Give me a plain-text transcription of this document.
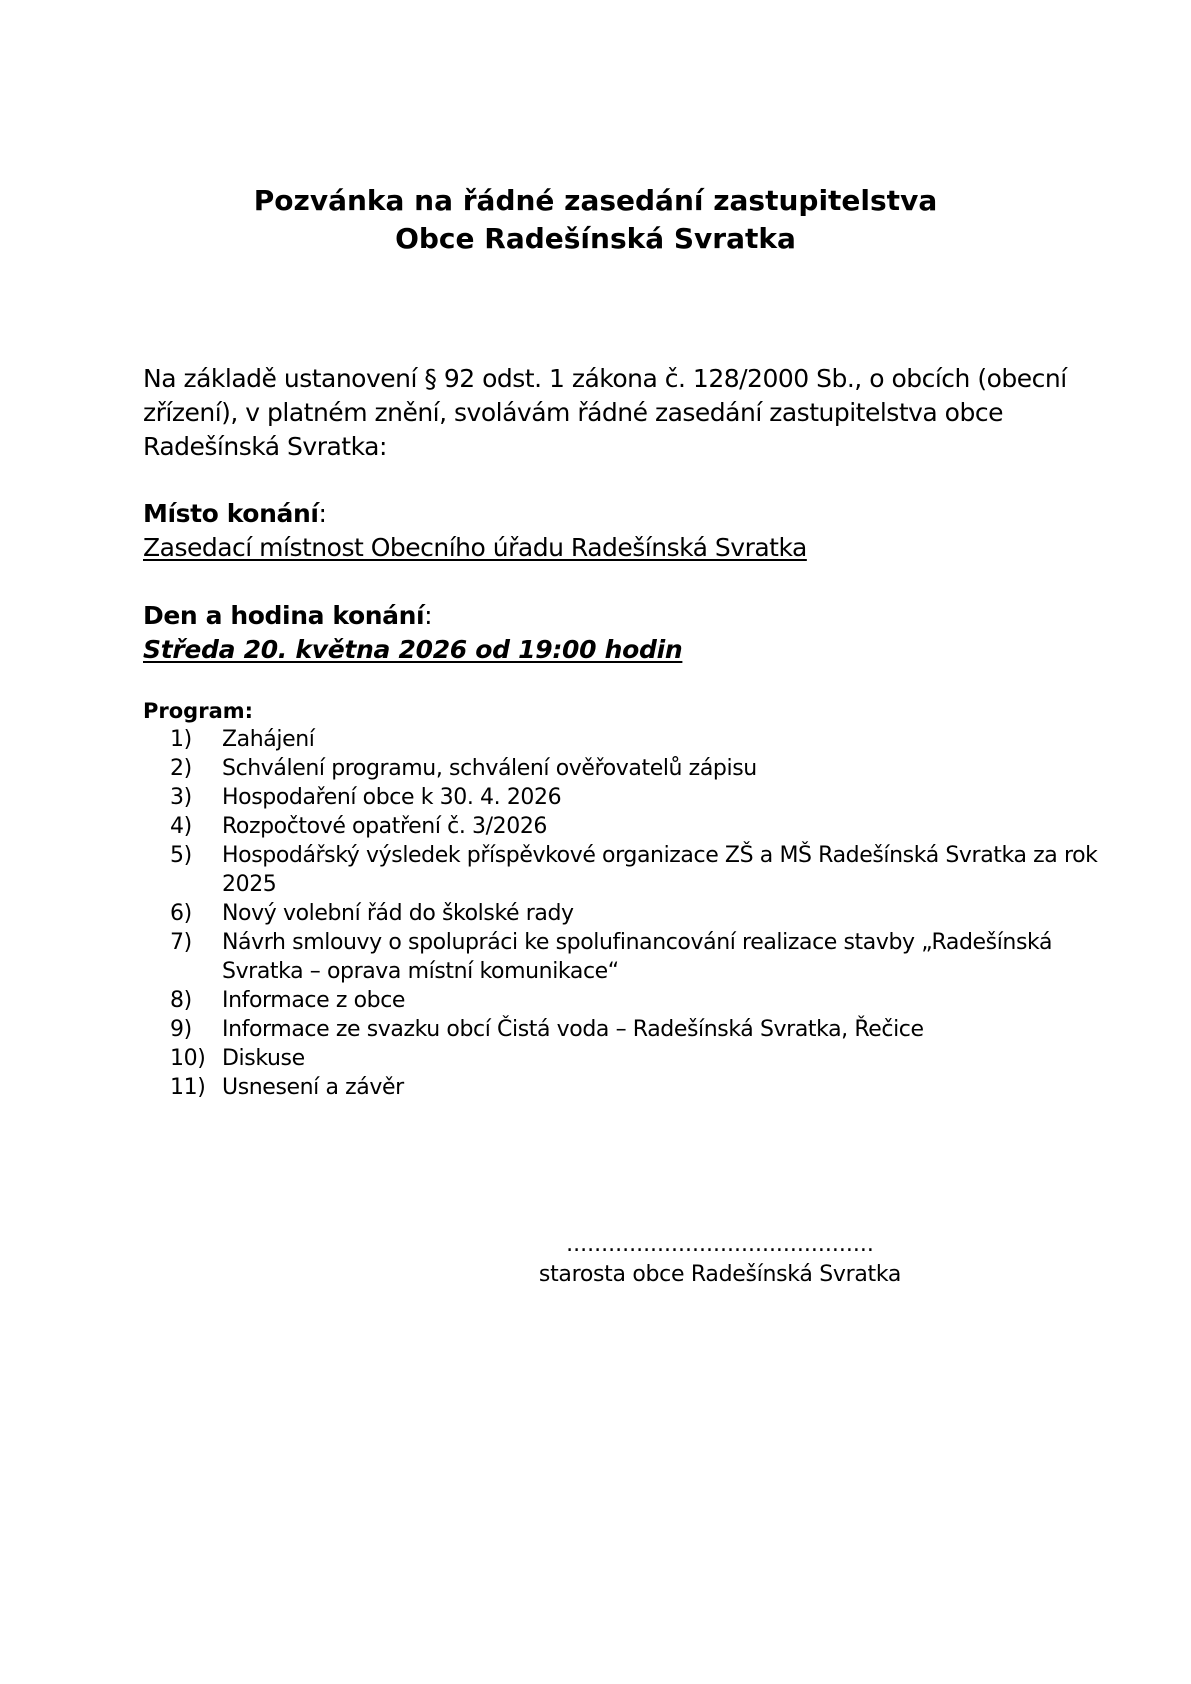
Pozvánka na řádné zasedání zastupitelstva
Obce Radešínská Svratka
Na základě ustanovení § 92 odst. 1 zákona č. 128/2000 Sb., o obcích (obecní zřízení), v platném znění, svolávám řádné zasedání zastupitelstva obce Radešínská Svratka:
Místo konání:
Zasedací místnost Obecního úřadu Radešínská Svratka
Den a hodina konání:
Středa 20. května 2026 od 19:00 hodin
Program:
1)	Zahájení
2)	Schválení programu, schválení ověřovatelů zápisu
3)	Hospodaření obce k 30. 4. 2026
4)	Rozpočtové opatření č. 3/2026
5)	Hospodářský výsledek příspěvkové organizace ZŠ a MŠ Radešínská Svratka za rok 2025
6)	Nový volební řád do školské rady
7)	Návrh smlouvy o spolupráci ke spolufinancování realizace stavby „Radešínská Svratka – oprava místní komunikace“
8)	Informace z obce
9)	Informace ze svazku obcí Čistá voda – Radešínská Svratka, Řečice
10) Diskuse
11) Usnesení a závěr
............................................
starosta obce Radešínská Svratka
